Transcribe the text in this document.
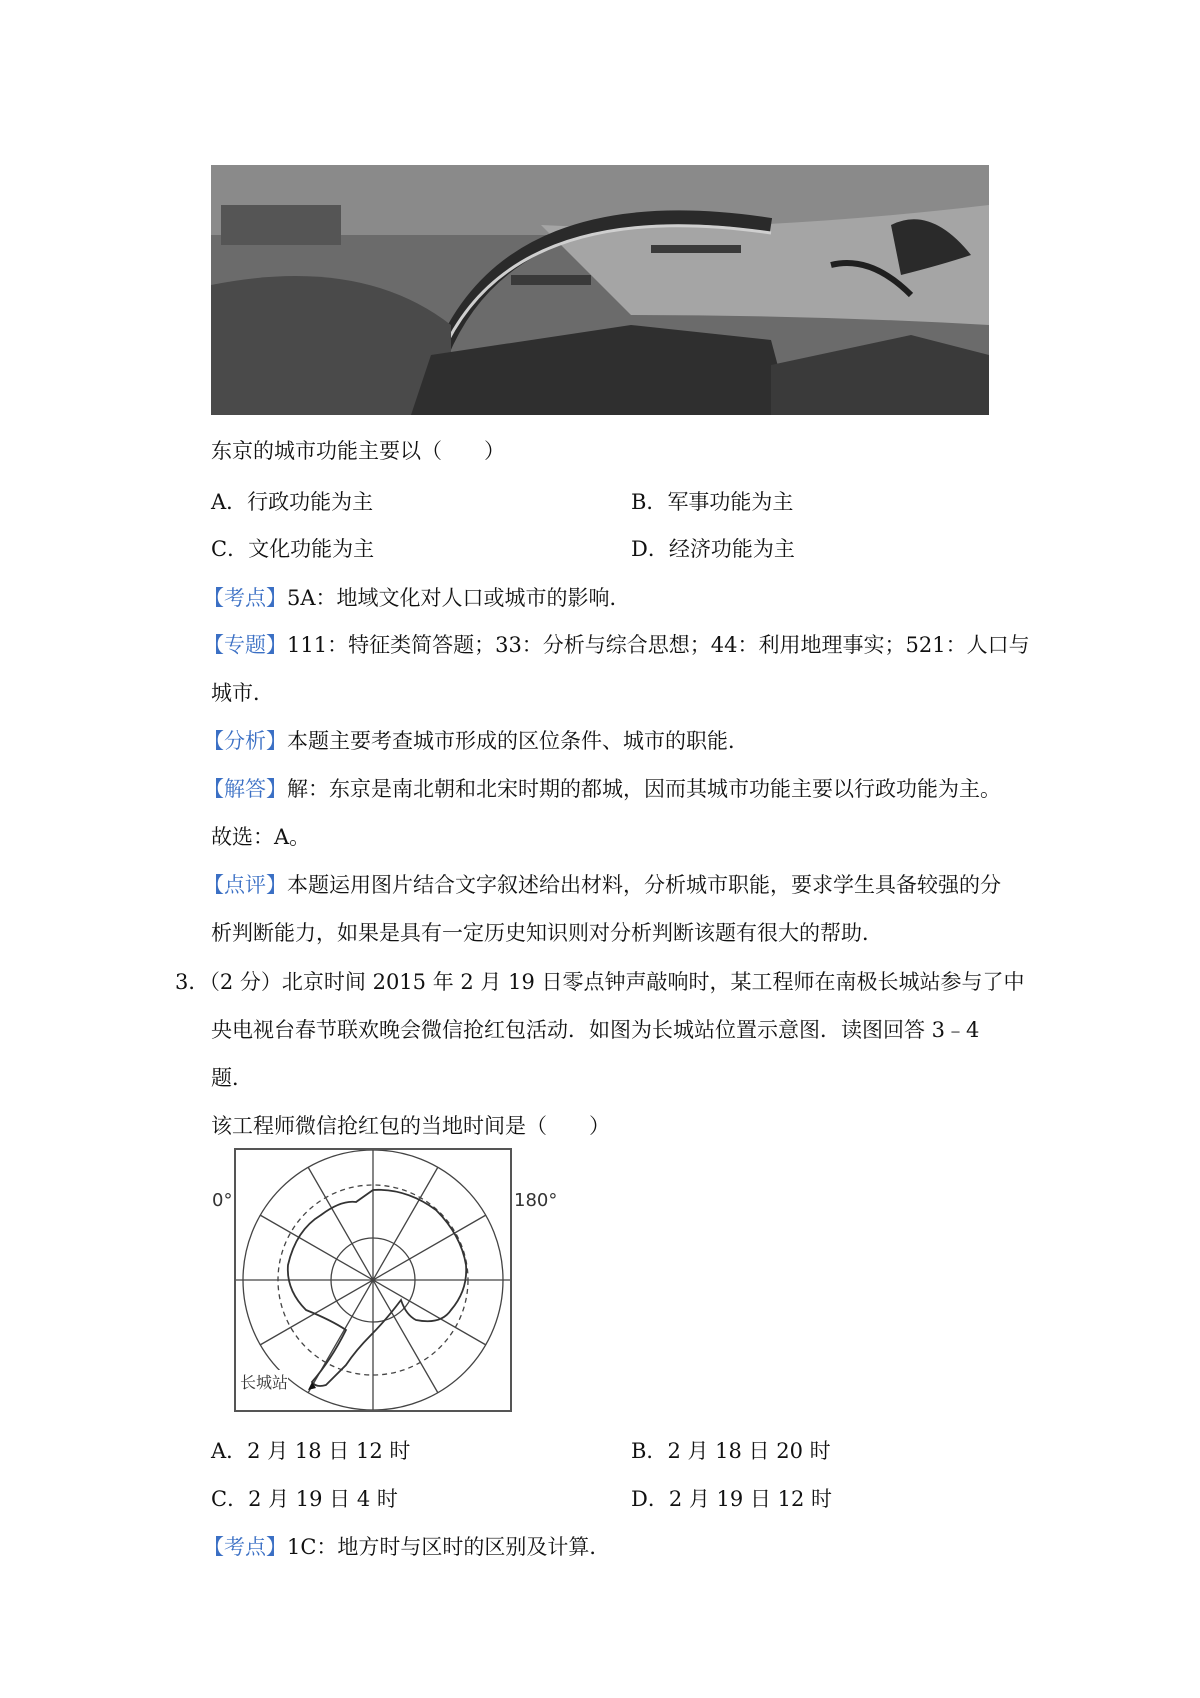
东京的城市功能主要以（　　）
A．行政功能为主	B．军事功能为主
C．文化功能为主	D．经济功能为主
【考点】5A：地域文化对人口或城市的影响．
【专题】111：特征类简答题；33：分析与综合思想；44：利用地理事实；521：人口与
城市．
【分析】本题主要考查城市形成的区位条件、城市的职能．
【解答】解：东京是南北朝和北宋时期的都城，因而其城市功能主要以行政功能为主。
故选：A。
【点评】本题运用图片结合文字叙述给出材料，分析城市职能，要求学生具备较强的分
析判断能力，如果是具有一定历史知识则对分析判断该题有很大的帮助．
3．（2 分）北京时间 2015 年 2 月 19 日零点钟声敲响时，某工程师在南极长城站参与了中
央电视台春节联欢晚会微信抢红包活动．如图为长城站位置示意图．读图回答 3﹣4
题．
该工程师微信抢红包的当地时间是（　　）
0°	180°
长城站
A．2 月 18 日 12 时	B．2 月 18 日 20 时
C．2 月 19 日 4 时	D．2 月 19 日 12 时
【考点】1C：地方时与区时的区别及计算．
